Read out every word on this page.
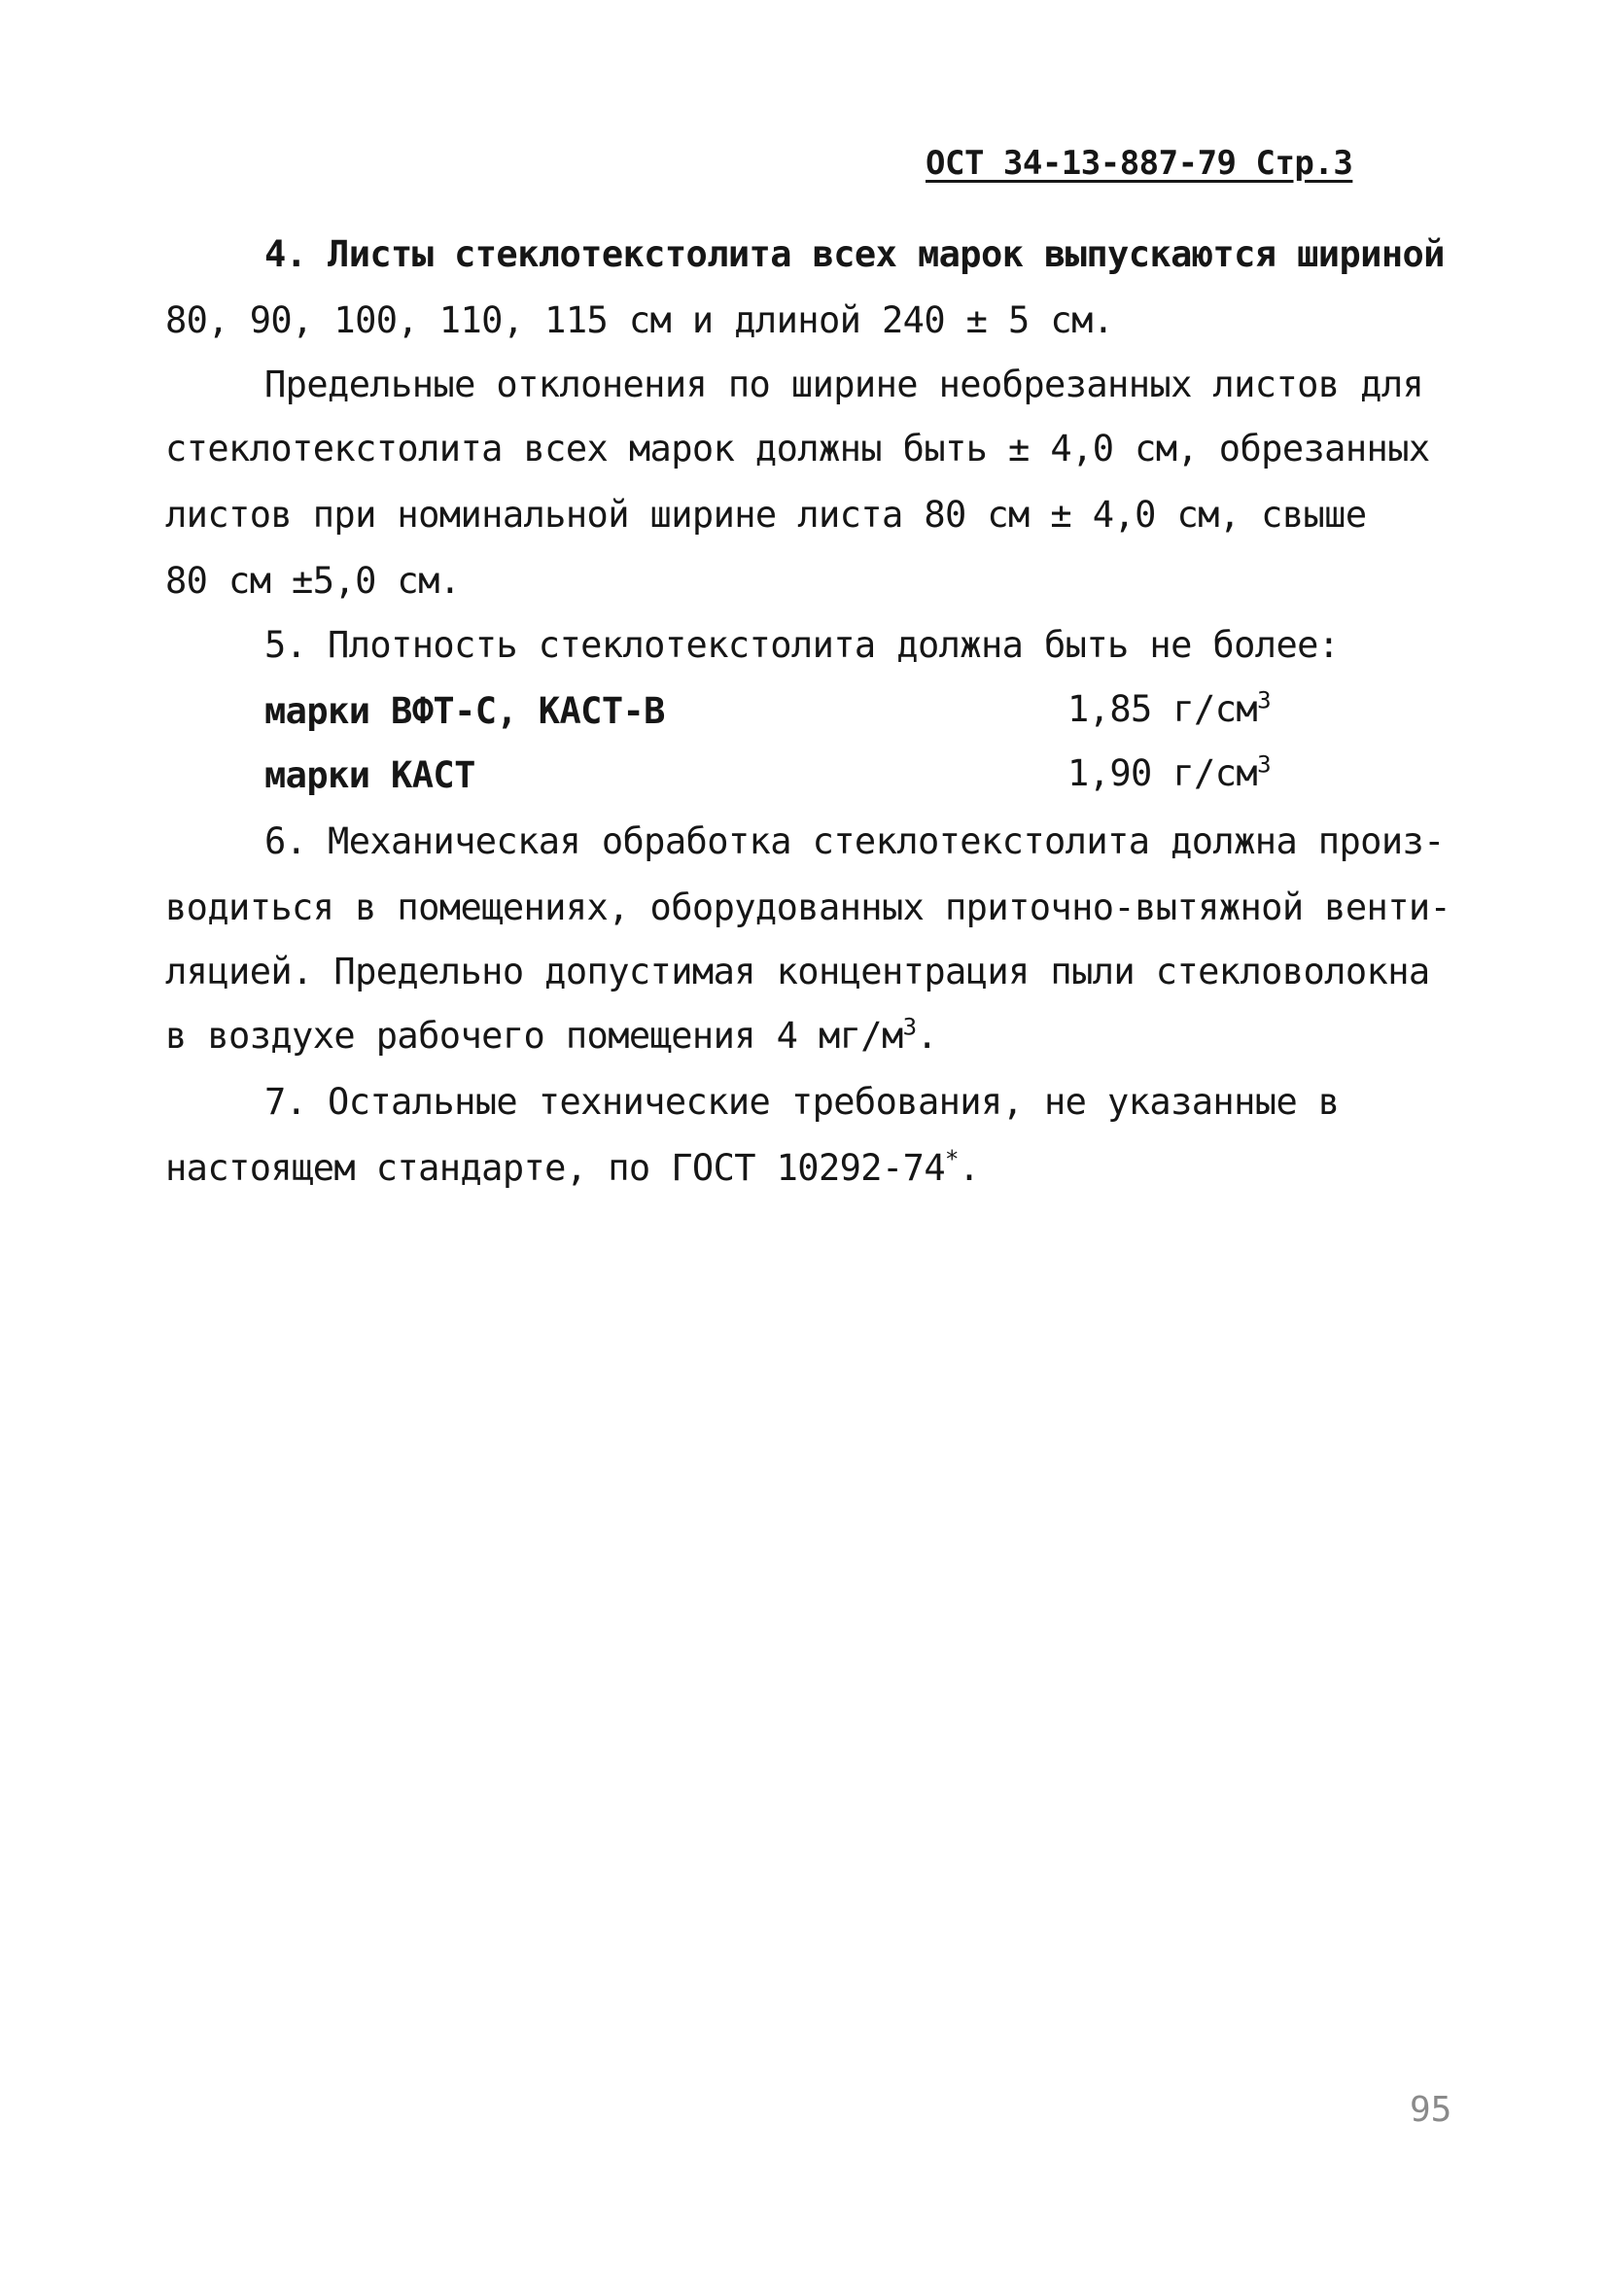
ОСТ 34-13-887-79 Стр.3
4. Листы стеклотекстолита всех марок выпускаются шириной
80, 90, 100, 110, 115 см и длиной 240 ± 5 см.
Предельные отклонения по ширине необрезанных листов для
стеклотекстолита всех марок должны быть ± 4,0 см, обрезанных
листов при номинальной ширине листа 80 см ± 4,0 см, свыше
80 см ±5,0 см.
5. Плотность стеклотекстолита должна быть не более:
марки ВФТ-С, КАСТ-В	1,85 $г/см^3$
марки КАСТ	1,90 $г/см^3$
6. Механическая обработка стеклотекстолита должна произ-
водиться в помещениях, оборудованных приточно-вытяжной венти-
ляцией. Предельно допустимая концентрация пыли стекловолокна
в воздухе рабочего помещения 4 $мг/м^3$.
7. Остальные технические требования, не указанные в
настоящем стандарте, по ГОСТ 10292-74*.
95
